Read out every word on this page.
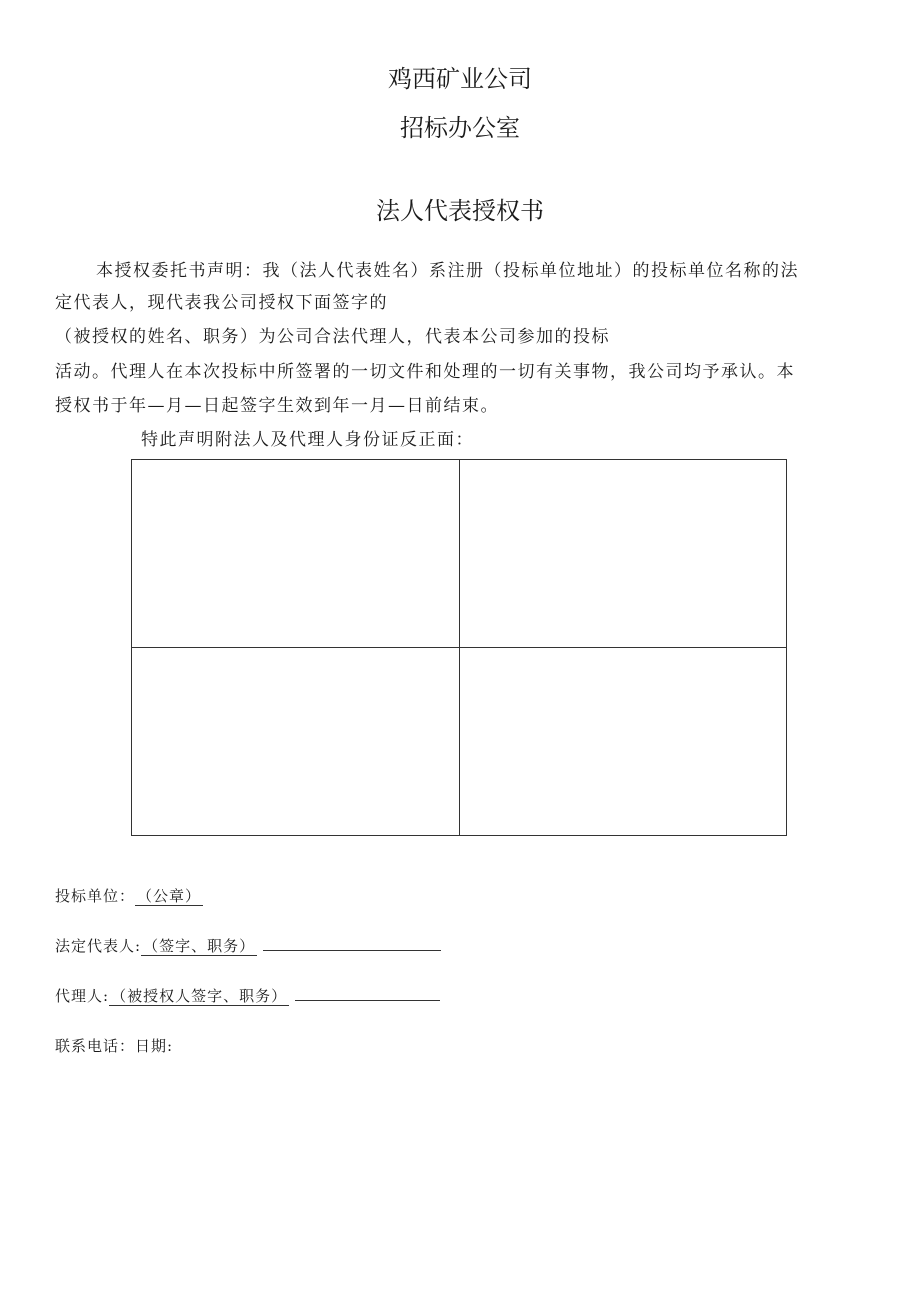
鸡西矿业公司
招标办公室
法人代表授权书
本授权委托书声明：我（法人代表姓名）系注册（投标单位地址）的投标单位名称的法
定代表人，现代表我公司授权下面签字的
（被授权的姓名、职务）为公司合法代理人，代表本公司参加的投标
活动。代理人在本次投标中所签署的一切文件和处理的一切有关事物，我公司均予承认。本
授权书于年—月—日起签字生效到年一月—日前结束。
特此声明附法人及代理人身份证反正面：
投标单位： （公章）
法定代表人: （签字、职务）
代理人: （被授权人签字、职务）
联系电话：日期:
